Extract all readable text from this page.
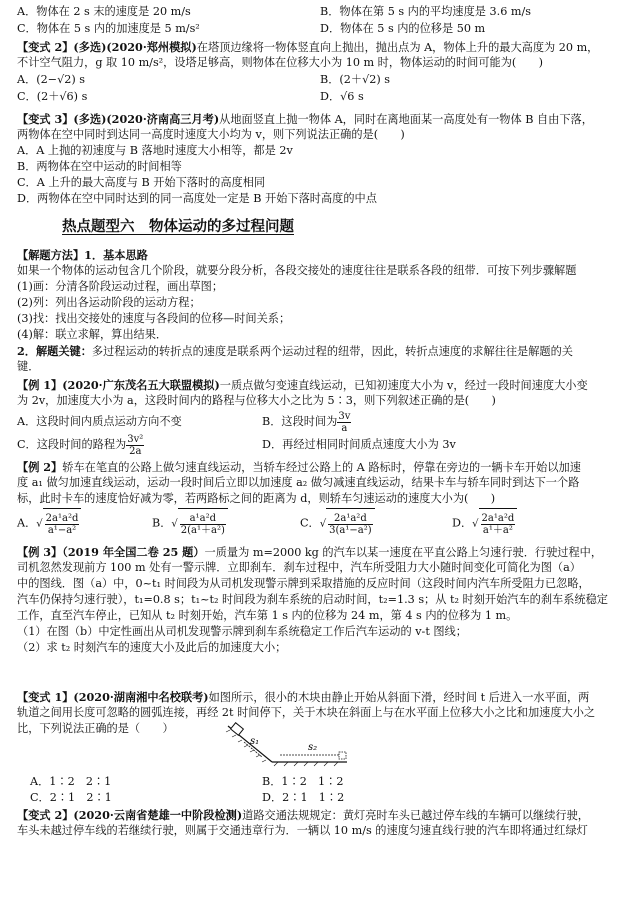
A．物体在 2 s 末的速度是 20 m/s	B．物体在第 5 s 内的平均速度是 3.6 m/s
C．物体在 5 s 内的加速度是 5 m/s²	D．物体在 5 s 内的位移是 50 m
【变式 2】(多选)(2020·郑州模拟)在塔顶边缘将一物体竖直向上抛出，抛出点为 A，物体上升的最大高度为 20 m，
不计空气阻力，g 取 10 m/s²，设塔足够高，则物体在位移大小为 10 m 时，物体运动的时间可能为(　　)
A．(2−√2) s	B．(2＋√2) s
C．(2＋√6) s	D．√6 s
【变式 3】(多选)(2020·济南高三月考)从地面竖直上抛一物体 A，同时在离地面某一高度处有一物体 B 自由下落，
两物体在空中同时到达同一高度时速度大小均为 v，则下列说法正确的是(　　)
A．A 上抛的初速度与 B 落地时速度大小相等，都是 2v
B．两物体在空中运动的时间相等
C．A 上升的最大高度与 B 开始下落时的高度相同
D．两物体在空中同时达到的同一高度处一定是 B 开始下落时高度的中点
热点题型六　物体运动的多过程问题
【解题方法】1．基本思路
如果一个物体的运动包含几个阶段，就要分段分析，各段交接处的速度往往是联系各段的纽带．可按下列步骤解题
(1)画：分清各阶段运动过程，画出草图；
(2)列：列出各运动阶段的运动方程；
(3)找：找出交接处的速度与各段间的位移—时间关系；
(4)解：联立求解，算出结果．
2．解题关键：多过程运动的转折点的速度是联系两个运动过程的纽带，因此，转折点速度的求解往往是解题的关
键．
【例 1】(2020·广东茂名五大联盟模拟)一质点做匀变速直线运动，已知初速度大小为 v，经过一段时间速度大小变
为 2v，加速度大小为 a，这段时间内的路程与位移大小之比为 5∶3，则下列叙述正确的是(　　)
A．这段时间内质点运动方向不变	B．这段时间为 $\frac{3v}{a}$
C．这段时间的路程为 $\frac{\text{3v²}}{2a}$	D．再经过相同时间质点速度大小为 3v
【例 2】轿车在笔直的公路上做匀速直线运动，当轿车经过公路上的 A 路标时，停靠在旁边的一辆卡车开始以加速
度 a₁ 做匀加速直线运动，运动一段时间后立即以加速度 a₂ 做匀减速直线运动，结果卡车与轿车同时到达下一个路
标，此时卡车的速度恰好减为零，若两路标之间的距离为 d，则轿车匀速运动的速度大小为(　　)
A．√ $\frac{\text{2a¹a²d}}{\text{a¹−a²}}$	B．√ $\frac{\text{a¹a²d}}{\text{2(a¹＋a²)}}$	C．√ $\frac{\text{2a¹a²d}}{\text{3(a¹−a²)}}$	D．√ $\frac{\text{2a¹a²d}}{\text{a¹＋a²}}$
【例 3】（2019 年全国二卷 25 题）一质量为 m=2000 kg 的汽车以某一速度在平直公路上匀速行驶．行驶过程中，
司机忽然发现前方 100 m 处有一警示牌．立即刹车．刹车过程中，汽车所受阻力大小随时间变化可简化为图（a）
中的图线．图（a）中，0~t₁ 时间段为从司机发现警示牌到采取措施的反应时间（这段时间内汽车所受阻力已忽略，
汽车仍保持匀速行驶），t₁=0.8 s；t₁~t₂ 时间段为刹车系统的启动时间，t₂=1.3 s；从 t₂ 时刻开始汽车的刹车系统稳定
工作，直至汽车停止，已知从 t₂ 时刻开始，汽车第 1 s 内的位移为 24 m，第 4 s 内的位移为 1 m。
（1）在图（b）中定性画出从司机发现警示牌到刹车系统稳定工作后汽车运动的 v-t 图线；
（2）求 t₂ 时刻汽车的速度大小及此后的加速度大小；
【变式 1】(2020·湖南湘中名校联考)如图所示，很小的木块由静止开始从斜面下滑，经时间 t 后进入一水平面，两
轨道之间用长度可忽略的圆弧连接，再经 2t 时间停下，关于木块在斜面上与在水平面上位移大小之比和加速度大小之
比，下列说法正确的是（　　）
s₁
s₂
A．1∶2　2∶1	B．1∶2　1∶2
C．2∶1　2∶1	D．2∶1　1∶2
【变式 2】(2020·云南省楚雄一中阶段检测)道路交通法规规定：黄灯亮时车头已越过停车线的车辆可以继续行驶，
车头未越过停车线的若继续行驶，则属于交通违章行为．一辆以 10 m/s 的速度匀速直线行驶的汽车即将通过红绿灯
